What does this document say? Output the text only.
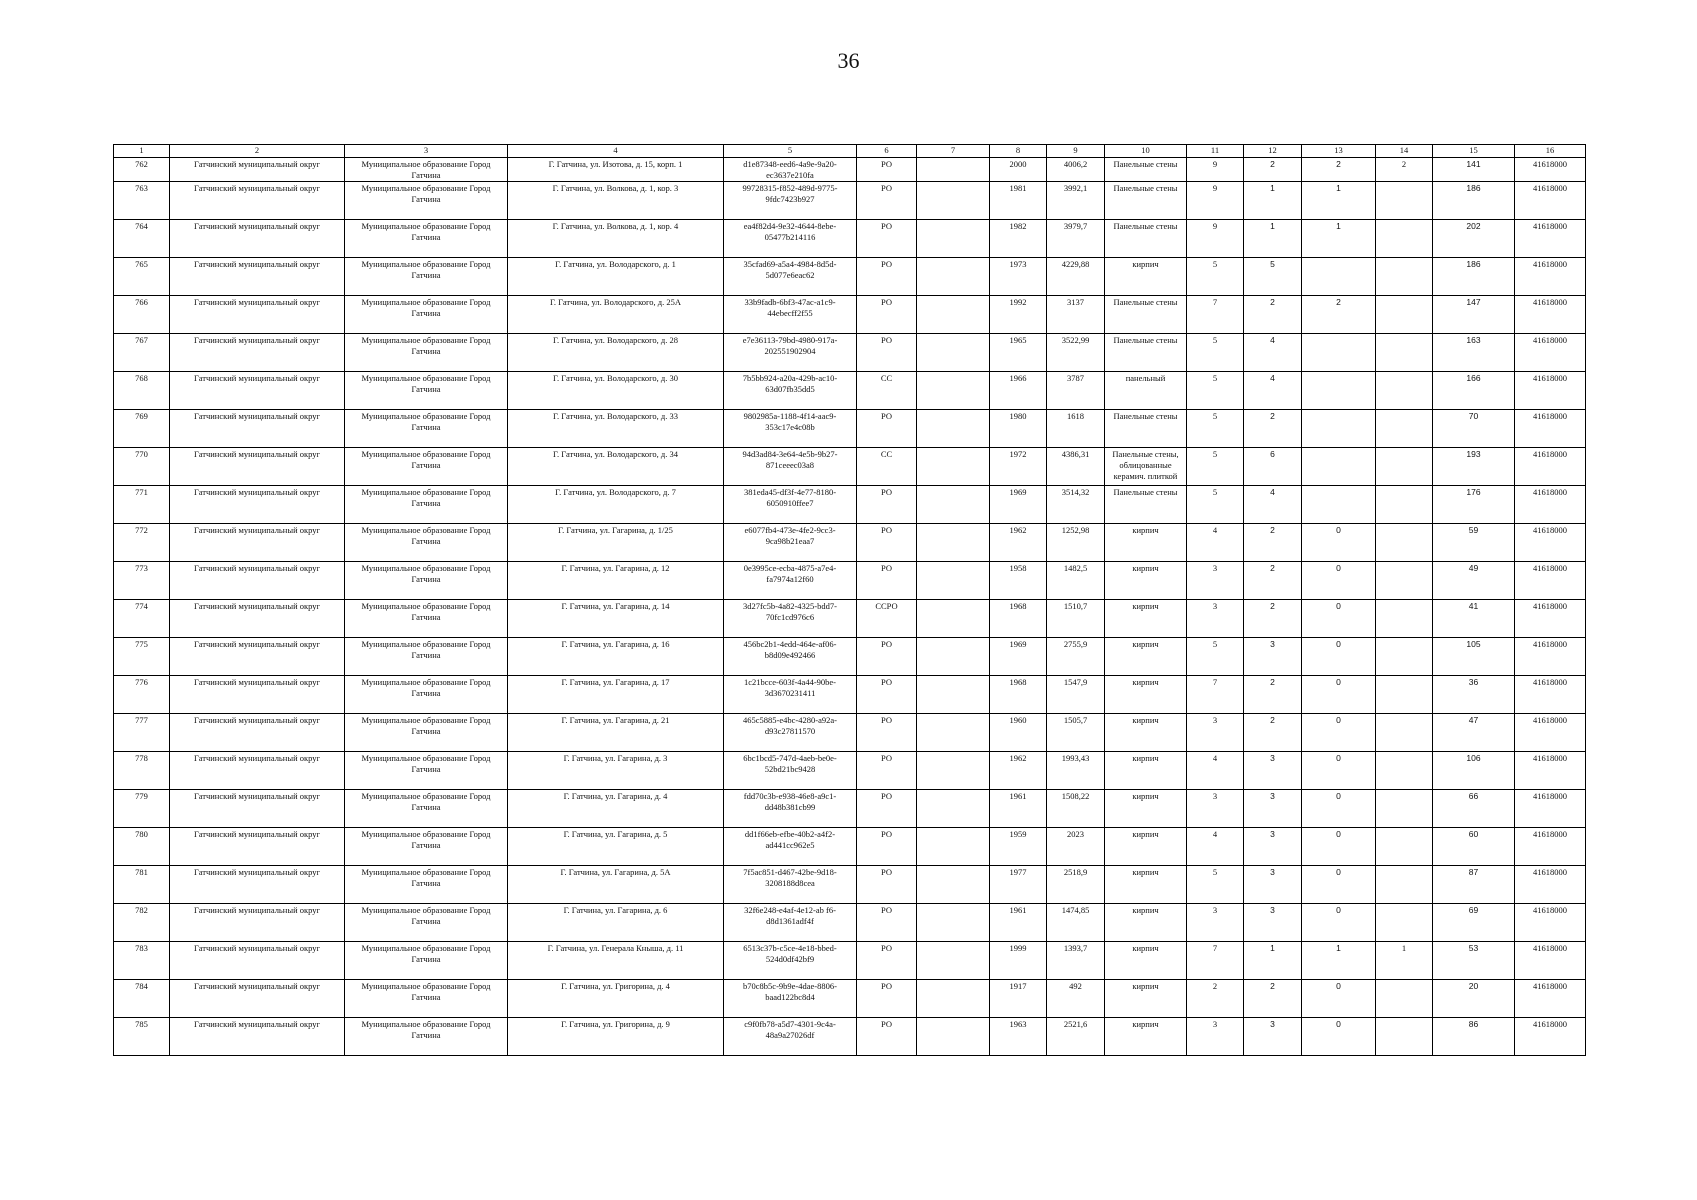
36
1	2	3	4	5	6	7	8	9	10	11	12	13	14	15	16
762	Гатчинский муниципальный округ	Муниципальное образование Город Гатчина	Г. Гатчина, ул. Изотова, д. 15, корп. 1	d1e87348-eed6-4a9e-9a20-ec3637e210fa	РО		2000	4006,2	Панельные стены	9	2	2	2	141	41618000
763	Гатчинский муниципальный округ	Муниципальное образование Город Гатчина	Г. Гатчина, ул. Волкова, д. 1, кор. 3	99728315-f852-489d-9775-9fdc7423b927	РО		1981	3992,1	Панельные стены	9	1	1		186	41618000
764	Гатчинский муниципальный округ	Муниципальное образование Город Гатчина	Г. Гатчина, ул. Волкова, д. 1, кор. 4	ea4f82d4-9e32-4644-8ebe-05477b214116	РО		1982	3979,7	Панельные стены	9	1	1		202	41618000
765	Гатчинский муниципальный округ	Муниципальное образование Город Гатчина	Г. Гатчина, ул. Володарского, д. 1	35cfad69-a5a4-4984-8d5d-5d077e6eac62	РО		1973	4229,88	кирпич	5	5			186	41618000
766	Гатчинский муниципальный округ	Муниципальное образование Город Гатчина	Г. Гатчина, ул. Володарского, д. 25А	33b9fadb-6bf3-47ac-a1c9-44ebecff2f55	РО		1992	3137	Панельные стены	7	2	2		147	41618000
767	Гатчинский муниципальный округ	Муниципальное образование Город Гатчина	Г. Гатчина, ул. Володарского, д. 28	e7e36113-79bd-4980-917a-202551902904	РО		1965	3522,99	Панельные стены	5	4			163	41618000
768	Гатчинский муниципальный округ	Муниципальное образование Город Гатчина	Г. Гатчина, ул. Володарского, д. 30	7b5bb924-a20a-429b-ac10-63d07fb35dd5	СС		1966	3787	панельный	5	4			166	41618000
769	Гатчинский муниципальный округ	Муниципальное образование Город Гатчина	Г. Гатчина, ул. Володарского, д. 33	9802985a-1188-4f14-aac9-353c17e4c08b	РО		1980	1618	Панельные стены	5	2			70	41618000
770	Гатчинский муниципальный округ	Муниципальное образование Город Гатчина	Г. Гатчина, ул. Володарского, д. 34	94d3ad84-3e64-4e5b-9b27-871ceeec03a8	СС		1972	4386,31	Панельные стены, облицованные керамич. плиткой	5	6			193	41618000
771	Гатчинский муниципальный округ	Муниципальное образование Город Гатчина	Г. Гатчина, ул. Володарского, д. 7	381eda45-df3f-4e77-8180-6050910ffee7	РО		1969	3514,32	Панельные стены	5	4			176	41618000
772	Гатчинский муниципальный округ	Муниципальное образование Город Гатчина	Г. Гатчина, ул. Гагарина, д. 1/25	e6077fb4-473e-4fe2-9cc3-9ca98b21eaa7	РО		1962	1252,98	кирпич	4	2	0		59	41618000
773	Гатчинский муниципальный округ	Муниципальное образование Город Гатчина	Г. Гатчина, ул. Гагарина, д. 12	0e3995ce-ecba-4875-a7e4-fa7974a12f60	РО		1958	1482,5	кирпич	3	2	0		49	41618000
774	Гатчинский муниципальный округ	Муниципальное образование Город Гатчина	Г. Гатчина, ул. Гагарина, д. 14	3d27fc5b-4a82-4325-bdd7-70fc1cd976c6	ССРО		1968	1510,7	кирпич	3	2	0		41	41618000
775	Гатчинский муниципальный округ	Муниципальное образование Город Гатчина	Г. Гатчина, ул. Гагарина, д. 16	456bc2b1-4edd-464e-af06-b8d09e492466	РО		1969	2755,9	кирпич	5	3	0		105	41618000
776	Гатчинский муниципальный округ	Муниципальное образование Город Гатчина	Г. Гатчина, ул. Гагарина, д. 17	1c21bcce-603f-4a44-90be-3d3670231411	РО		1968	1547,9	кирпич	7	2	0		36	41618000
777	Гатчинский муниципальный округ	Муниципальное образование Город Гатчина	Г. Гатчина, ул. Гагарина, д. 21	465c5885-e4bc-4280-a92a-d93c27811570	РО		1960	1505,7	кирпич	3	2	0		47	41618000
778	Гатчинский муниципальный округ	Муниципальное образование Город Гатчина	Г. Гатчина, ул. Гагарина, д. 3	6bc1bcd5-747d-4aeb-be0e-52bd21bc9428	РО		1962	1993,43	кирпич	4	3	0		106	41618000
779	Гатчинский муниципальный округ	Муниципальное образование Город Гатчина	Г. Гатчина, ул. Гагарина, д. 4	fdd70c3b-e938-46e8-a9c1-dd48b381cb99	РО		1961	1508,22	кирпич	3	3	0		66	41618000
780	Гатчинский муниципальный округ	Муниципальное образование Город Гатчина	Г. Гатчина, ул. Гагарина, д. 5	dd1f66eb-efbe-40b2-a4f2-ad441cc962e5	РО		1959	2023	кирпич	4	3	0		60	41618000
781	Гатчинский муниципальный округ	Муниципальное образование Город Гатчина	Г. Гатчина, ул. Гагарина, д. 5А	7f5ac851-d467-42be-9d18-3208188d8cea	РО		1977	2518,9	кирпич	5	3	0		87	41618000
782	Гатчинский муниципальный округ	Муниципальное образование Город Гатчина	Г. Гатчина, ул. Гагарина, д. 6	32f6e248-e4af-4e12-ab f6-d8d1361adf4f	РО		1961	1474,85	кирпич	3	3	0		69	41618000
783	Гатчинский муниципальный округ	Муниципальное образование Город Гатчина	Г. Гатчина, ул. Генерала Кныша, д. 11	6513c37b-c5ce-4e18-bbed-524d0df42bf9	РО		1999	1393,7	кирпич	7	1	1	1	53	41618000
784	Гатчинский муниципальный округ	Муниципальное образование Город Гатчина	Г. Гатчина, ул. Григорина, д. 4	b70c8b5c-9b9e-4dae-8806-baad122bc8d4	РО		1917	492	кирпич	2	2	0		20	41618000
785	Гатчинский муниципальный округ	Муниципальное образование Город Гатчина	Г. Гатчина, ул. Григорина, д. 9	c9f0fb78-a5d7-4301-9c4a-48a9a27026df	РО		1963	2521,6	кирпич	3	3	0		86	41618000
